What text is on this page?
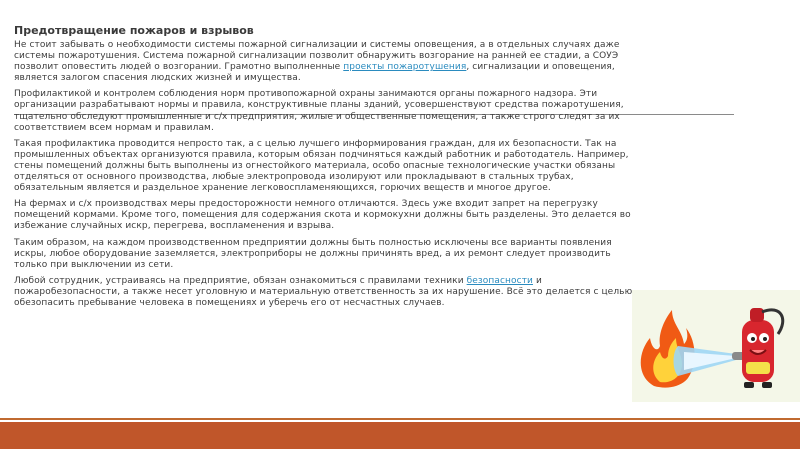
Предотвращение пожаров и взрывов

Не стоит забывать о необходимости системы пожарной сигнализации и системы оповещения, а в отдельных случаях даже системы пожаротушения. Система пожарной сигнализации позволит обнаружить возгорание на ранней ее стадии, а СОУЭ позволит оповестить людей о возгорании. Грамотно выполненные проекты пожаротушения, сигнализации и оповещения, является залогом спасения людских жизней и имущества.

Профилактикой и контролем соблюдения норм противопожарной охраны занимаются органы пожарного надзора. Эти организации разрабатывают нормы и правила, конструктивные планы зданий, усовершенствуют средства пожаротушения, тщательно обследуют промышленные и с/х предприятия, жилые и общественные помещения, а также строго следят за их соответствием всем нормам и правилам.

Такая профилактика проводится непросто так, а с целью лучшего информирования граждан, для их безопасности. Так на промышленных объектах организуются правила, которым обязан подчиняться каждый работник и работодатель. Например, стены помещений должны быть выполнены из огнестойкого материала, особо опасные технологические участки обязаны отделяться от основного производства, любые электропровода изолируют или прокладывают в стальных трубах, обязательным является и раздельное хранение легковоспламеняющихся, горючих веществ и многое другое.

На фермах и с/х производствах меры предосторожности немного отличаются. Здесь уже входит запрет на перегрузку помещений кормами. Кроме того, помещения для содержания скота и кормокухни должны быть разделены. Это делается во избежание случайных искр, перегрева, воспламенения и взрыва.

Таким образом, на каждом производственном предприятии должны быть полностью исключены все варианты появления искры, любое оборудование заземляется, электроприборы не должны причинять вред, а их ремонт следует производить только при выключении из сети.

Любой сотрудник, устраиваясь на предприятие, обязан ознакомиться с правилами техники безопасности и пожаробезопасности, а также несет уголовную и материальную ответственность за их нарушение. Всё это делается с целью обезопасить пребывание человека в помещениях и уберечь его от несчастных случаев.
